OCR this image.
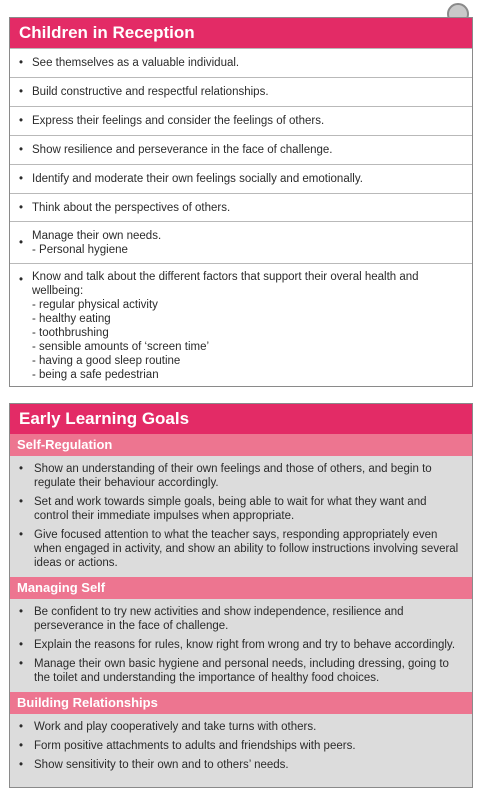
Children in Reception
• See themselves as a valuable individual.
• Build constructive and respectful relationships.
• Express their feelings and consider the feelings of others.
• Show resilience and perseverance in the face of challenge.
• Identify and moderate their own feelings socially and emotionally.
• Think about the perspectives of others.
•
Manage their own needs.
- Personal hygiene
• Know and talk about the different factors that support their overal health and wellbeing:
- regular physical activity
- healthy eating
- toothbrushing
- sensible amounts of ‘screen time’
- having a good sleep routine
- being a safe pedestrian
Early Learning Goals
Self-Regulation
• Show an understanding of their own feelings and those of others, and begin to regulate their behaviour accordingly.
• Set and work towards simple goals, being able to wait for what they want and control their immediate impulses when appropriate.
• Give focused attention to what the teacher says, responding appropriately even when engaged in activity, and show an ability to follow instructions involving several ideas or actions.
Managing Self
• Be confident to try new activities and show independence, resilience and perseverance in the face of challenge.
• Explain the reasons for rules, know right from wrong and try to behave accordingly.
• Manage their own basic hygiene and personal needs, including dressing, going to the toilet and understanding the importance of healthy food choices.
Building Relationships
• Work and play cooperatively and take turns with others.
• Form positive attachments to adults and friendships with peers.
• Show sensitivity to their own and to others’ needs.
